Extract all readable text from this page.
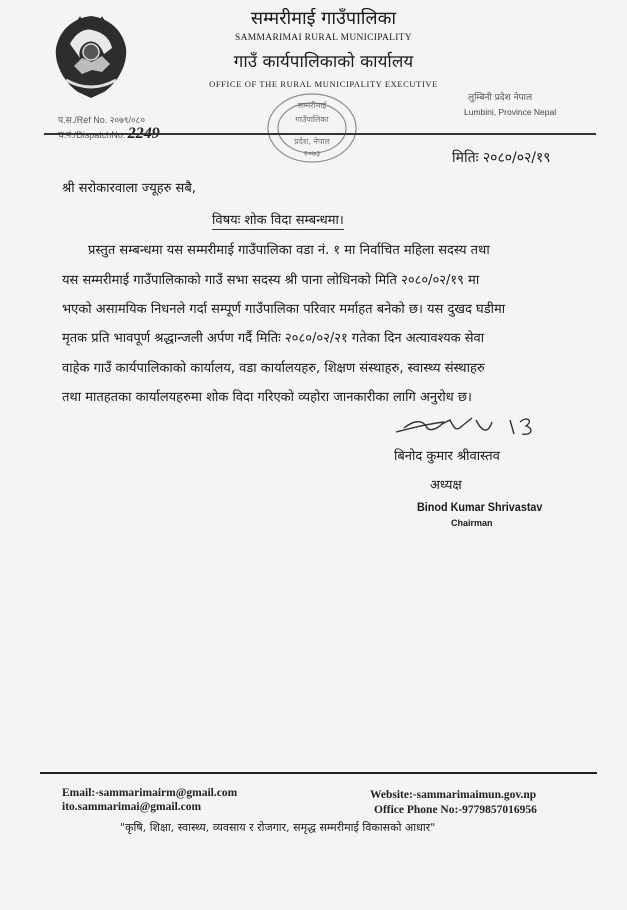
सम्मरीमाई गाउँपालिका
SAMMARIMAI RURAL MUNICIPALITY
गाउँ कार्यपालिकाको कार्यालय
OFFICE OF THE RURAL MUNICIPALITY EXECUTIVE
लुम्बिनी प्रदेश नेपाल
Lumbini, Province Nepal
प.स./Ref No. २०७९/०८०
च.नं./DispatchNo. 2249
सम्मरीमाई
गाउँपालिका
प्रदेश, नेपाल
२०७३	मितिः २०८०/०२/१९
श्री सरोकारवाला ज्यूहरु सबै,
विषयः शोक विदा सम्बन्धमा।
प्रस्तुत सम्बन्धमा यस सम्मरीमाई गाउँपालिका वडा नं. १ मा निर्वाचित महिला सदस्य तथा
यस सम्मरीमाई गाउँपालिकाको गाउँ सभा सदस्य श्री पाना लोधिनको मिति २०८०/०२/१९ मा
भएको असामयिक निधनले गर्दा सम्पूर्ण गाउँपालिका परिवार मर्माहत बनेको छ। यस दुखद घडीमा
मृतक प्रति भावपूर्ण श्रद्धान्जली अर्पण गर्दै मितिः २०८०/०२/२१ गतेका दिन अत्यावश्यक सेवा
वाहेक गाउँ कार्यपालिकाको कार्यालय, वडा कार्यालयहरु, शिक्षण संस्थाहरु, स्वास्थ्य संस्थाहरु
तथा मातहतका कार्यालयहरुमा शोक विदा गरिएको व्यहोरा जानकारीका लागि अनुरोध छ।
बिनोद कुमार श्रीवास्तव
अध्यक्ष
Binod Kumar Shrivastav
Chairman
Email:-sammarimairm@gmail.com
ito.sammarimai@gmail.com
Website:-sammarimaimun.gov.np
Office Phone No:-9779857016956
"कृषि, शिक्षा, स्वास्थ्य, व्यवसाय र रोजगार, समृद्ध सम्मरीमाई विकासको आधार"
